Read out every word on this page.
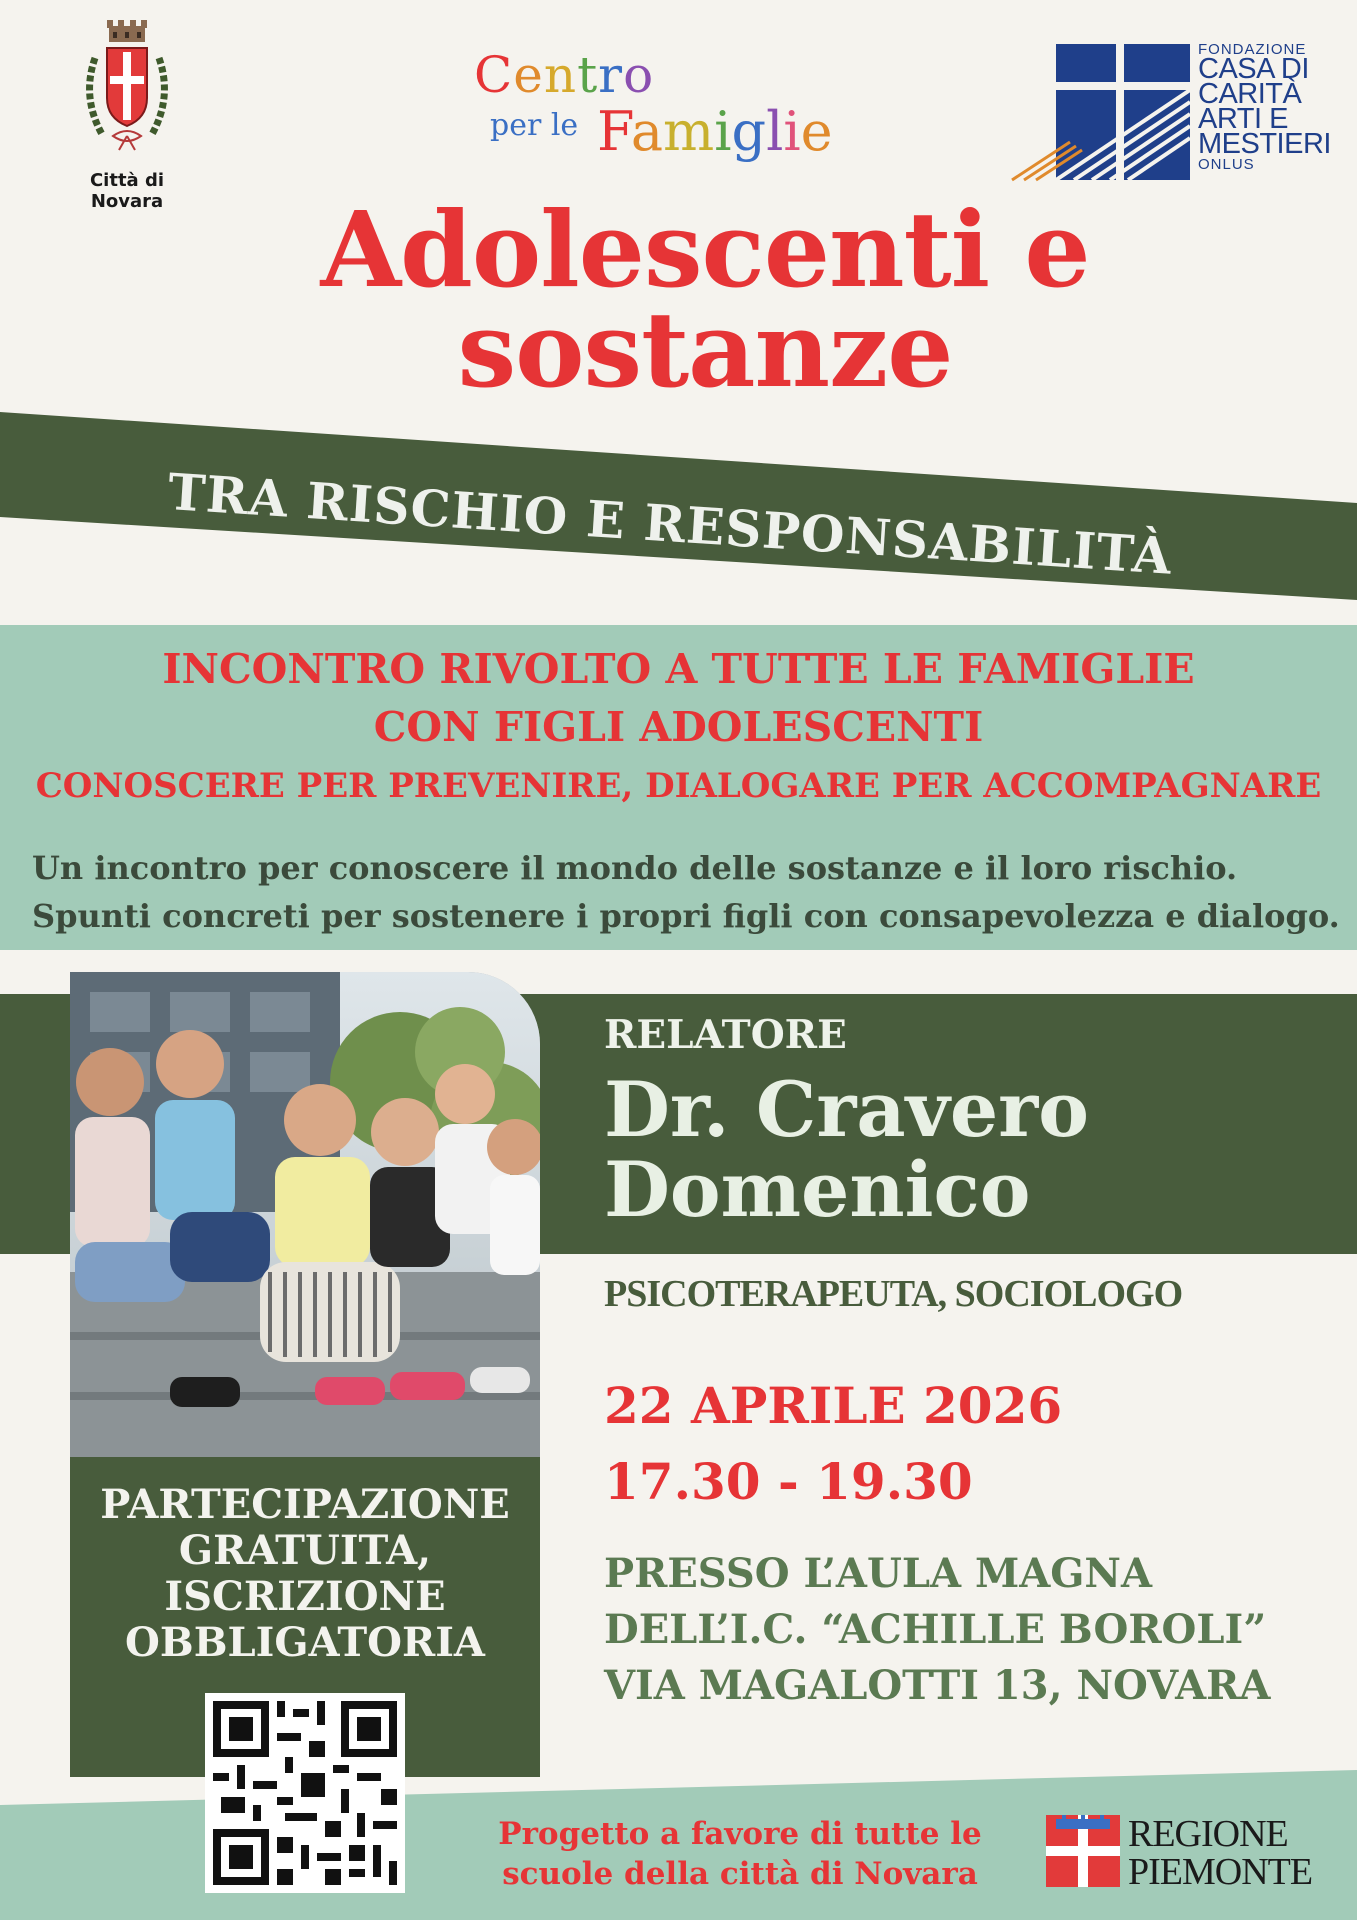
Città di Novara
Centro
per le Famiglie
FONDAZIONE
CASA DI
CARITÀ
ARTI E
MESTIERI
ONLUS
Adolescenti e
sostanze
TRA RISCHIO E RESPONSABILITÀ
INCONTRO RIVOLTO A TUTTE LE FAMIGLIE
CON FIGLI ADOLESCENTI
CONOSCERE PER PREVENIRE, DIALOGARE PER ACCOMPAGNARE
Un incontro per conoscere il mondo delle sostanze e il loro rischio.
Spunti concreti per sostenere i propri figli con consapevolezza e dialogo.
PARTECIPAZIONE
GRATUITA,
ISCRIZIONE
OBBLIGATORIA
RELATORE
Dr. Cravero
Domenico
PSICOTERAPEUTA, SOCIOLOGO
22 APRILE 2026
17.30 - 19.30
PRESSO L’AULA MAGNA
DELL’I.C. “ACHILLE BOROLI”
VIA MAGALOTTI 13, NOVARA
Progetto a favore di tutte le
scuole della città di Novara
REGIONE
PIEMONTE
